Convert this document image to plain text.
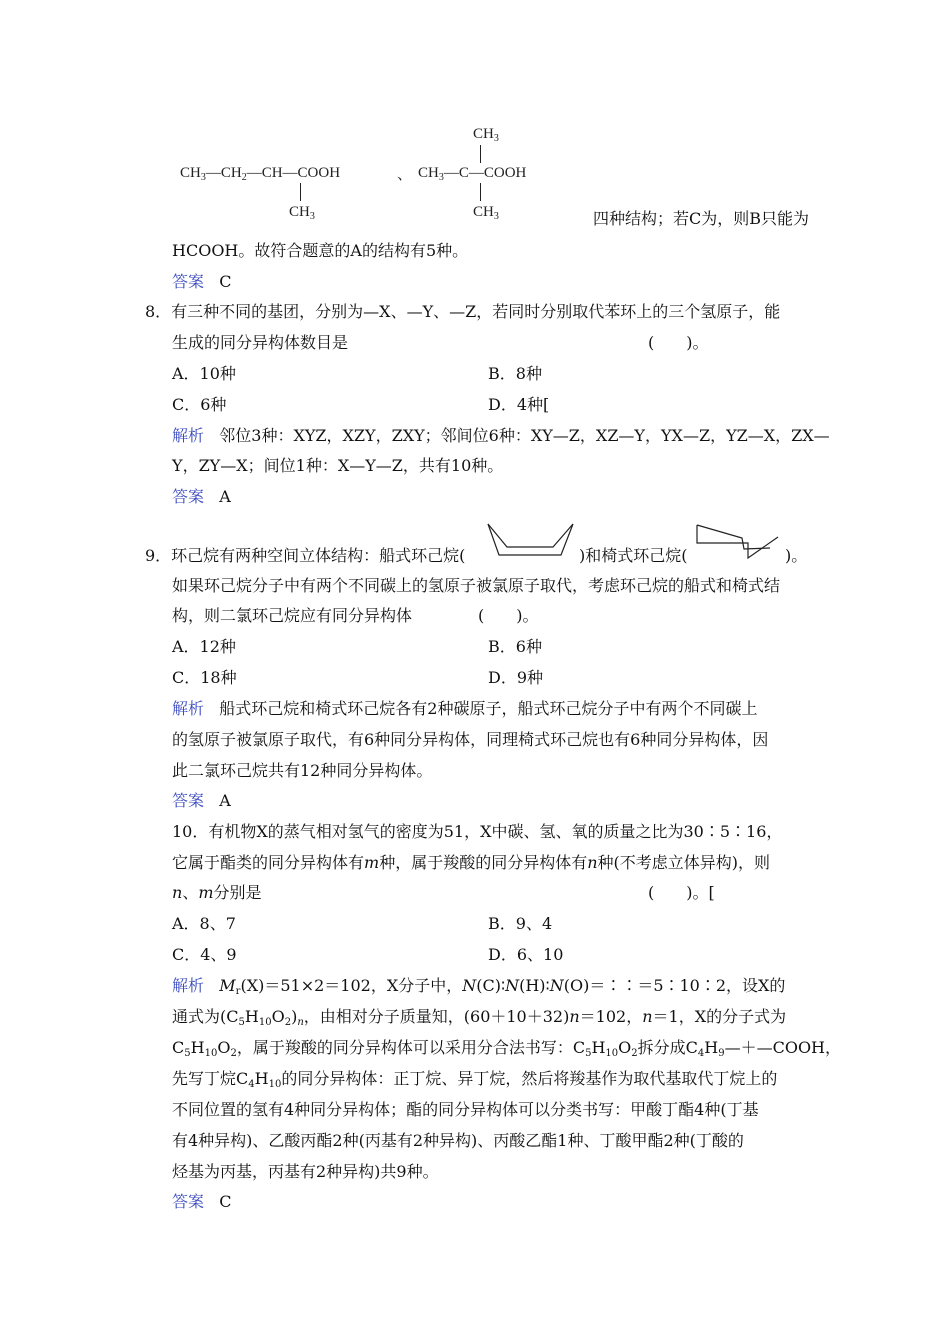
$CH_3—CH_2—CH—COOH$
$CH_3$
、
$CH_3$
$CH_3—C—COOH$
$CH_3$	四种结构；若C为，则B只能为
HCOOH。故符合题意的A的结构有5种。
答案 C
8．有三种不同的基团，分别为—X、—Y、—Z，若同时分别取代苯环上的三个氢原子，能
生成的同分异构体数目是	(　　)。
A．10种	B．8种
C．6种	D．4种[
解析 邻位3种：XYZ，XZY，ZXY；邻间位6种：XY—Z，XZ—Y，YX—Z，YZ—X，ZX—
Y，ZY—X；间位1种：X—Y—Z，共有10种。
答案 A
9．环己烷有两种空间立体结构：船式环己烷(	)和椅式环己烷(	)。
如果环己烷分子中有两个不同碳上的氢原子被氯原子取代，考虑环己烷的船式和椅式结
构，则二氯环己烷应有同分异构体	(　　)。
A．12种	B．6种
C．18种	D．9种
解析 船式环己烷和椅式环己烷各有2种碳原子，船式环己烷分子中有两个不同碳上
的氢原子被氯原子取代，有6种同分异构体，同理椅式环己烷也有6种同分异构体，因
此二氯环己烷共有12种同分异构体。
答案 A
10．有机物X的蒸气相对氢气的密度为51，X中碳、氢、氧的质量之比为30∶5∶16，
它属于酯类的同分异构体有m种，属于羧酸的同分异构体有n种(不考虑立体异构)，则
n、m分别是	(　　)。[
A．8、7	B．9、4
C．4、9	D．6、10
解析 $M_r(X)=51\times 2=102$，X分子中，N(C)∶N(H)∶N(O)＝∶∶＝5∶10∶2，设X的
通式为$(C_5H_{10}O_2)_n$，由相对分子质量知，(60＋10＋32)n＝102，n＝1，X的分子式为
$C_5H_{10}O_2$，属于羧酸的同分异构体可以采用分合法书写：$C_5H_{10}O_2$拆分成$C_4H_9—+—COOH$，
先写丁烷$C_4H_{10}$的同分异构体：正丁烷、异丁烷，然后将羧基作为取代基取代丁烷上的
不同位置的氢有4种同分异构体；酯的同分异构体可以分类书写：甲酸丁酯4种(丁基
有4种异构)、乙酸丙酯2种(丙基有2种异构)、丙酸乙酯1种、丁酸甲酯2种(丁酸的
烃基为丙基，丙基有2种异构)共9种。
答案 C
